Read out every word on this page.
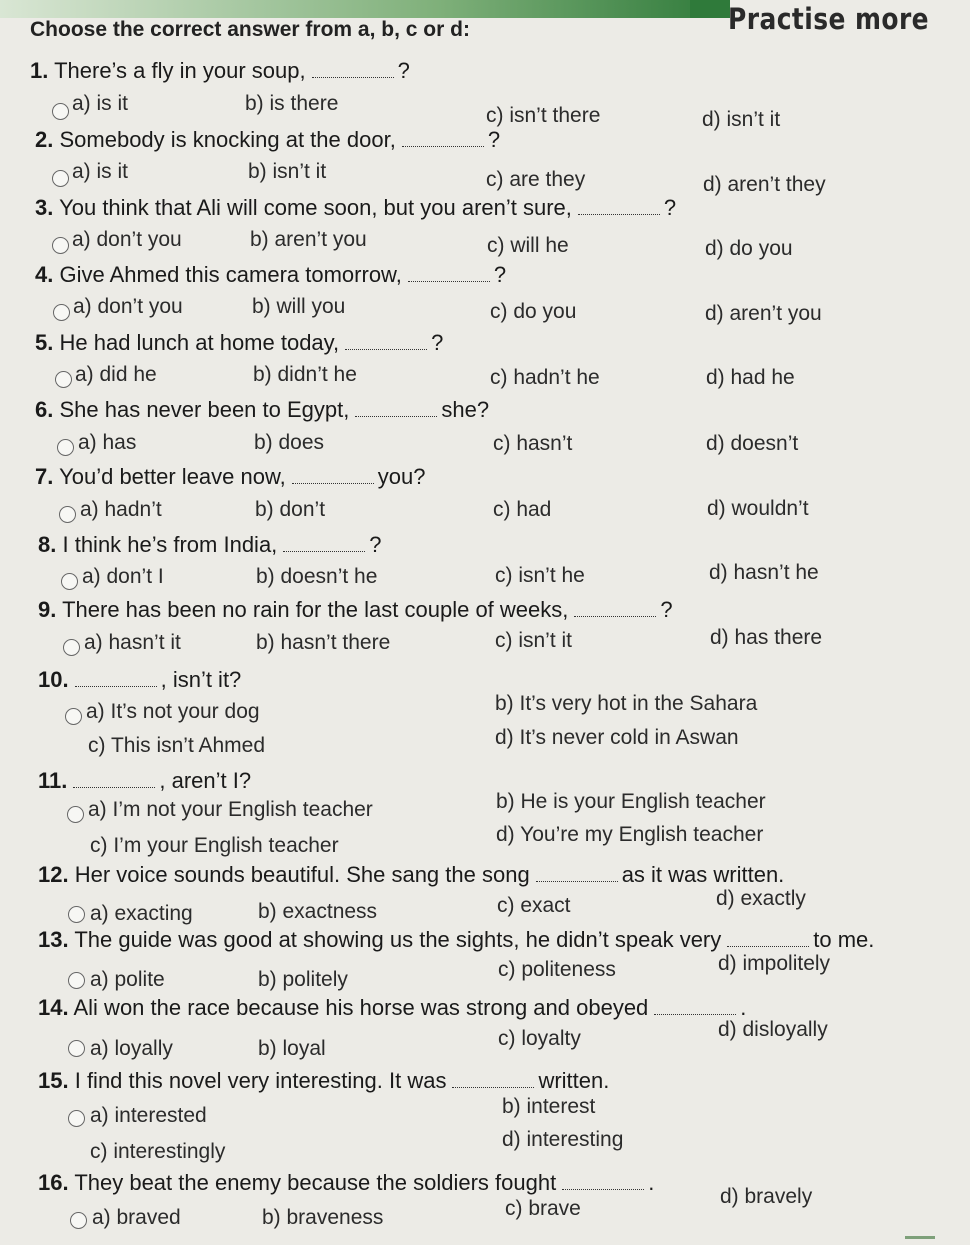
Practise more
Choose the correct answer from a, b, c or d:
1. There’s a fly in your soup,	?
a) is it	b) is there
c) isn’t there	d) isn’t it
2. Somebody is knocking at the door,	?
a) is it	b) isn’t it	c) are they	d) aren’t they
3. You think that Ali will come soon, but you aren’t sure,	?
a) don’t you	b) aren’t you	c) will he	d) do you
4. Give Ahmed this camera tomorrow,	?
a) don’t you	b) will you	c) do you	d) aren’t you
5. He had lunch at home today,	?
a) did he	b) didn’t he	c) hadn’t he	d) had he
6. She has never been to Egypt,	she?
a) has	b) does	c) hasn’t	d) doesn’t
7. You’d better leave now,	you?
a) hadn’t	b) don’t	c) had	d) wouldn’t
8. I think he’s from India,	?
a) don’t I	b) doesn’t he	c) isn’t he	d) hasn’t he
9. There has been no rain for the last couple of weeks,	?
a) hasn’t it	b) hasn’t there	c) isn’t it	d) has there
10.	, isn’t it?
a) It’s not your dog	b) It’s very hot in the Sahara
c) This isn’t Ahmed	d) It’s never cold in Aswan
11.	, aren’t I?
a) I’m not your English teacher	b) He is your English teacher
c) I’m your English teacher	d) You’re my English teacher
12. Her voice sounds beautiful. She sang the song	as it was written.
a) exacting	b) exactness	c) exact	d) exactly
13. The guide was good at showing us the sights, he didn’t speak very	to me.
a) polite	b) politely	c) politeness	d) impolitely
14. Ali won the race because his horse was strong and obeyed	.
a) loyally	b) loyal	c) loyalty	d) disloyally
15. I find this novel very interesting. It was	written.
a) interested	b) interest
c) interestingly
d) interesting
16. They beat the enemy because the soldiers fought	.
a) braved	b) braveness	c) brave
d) bravely
